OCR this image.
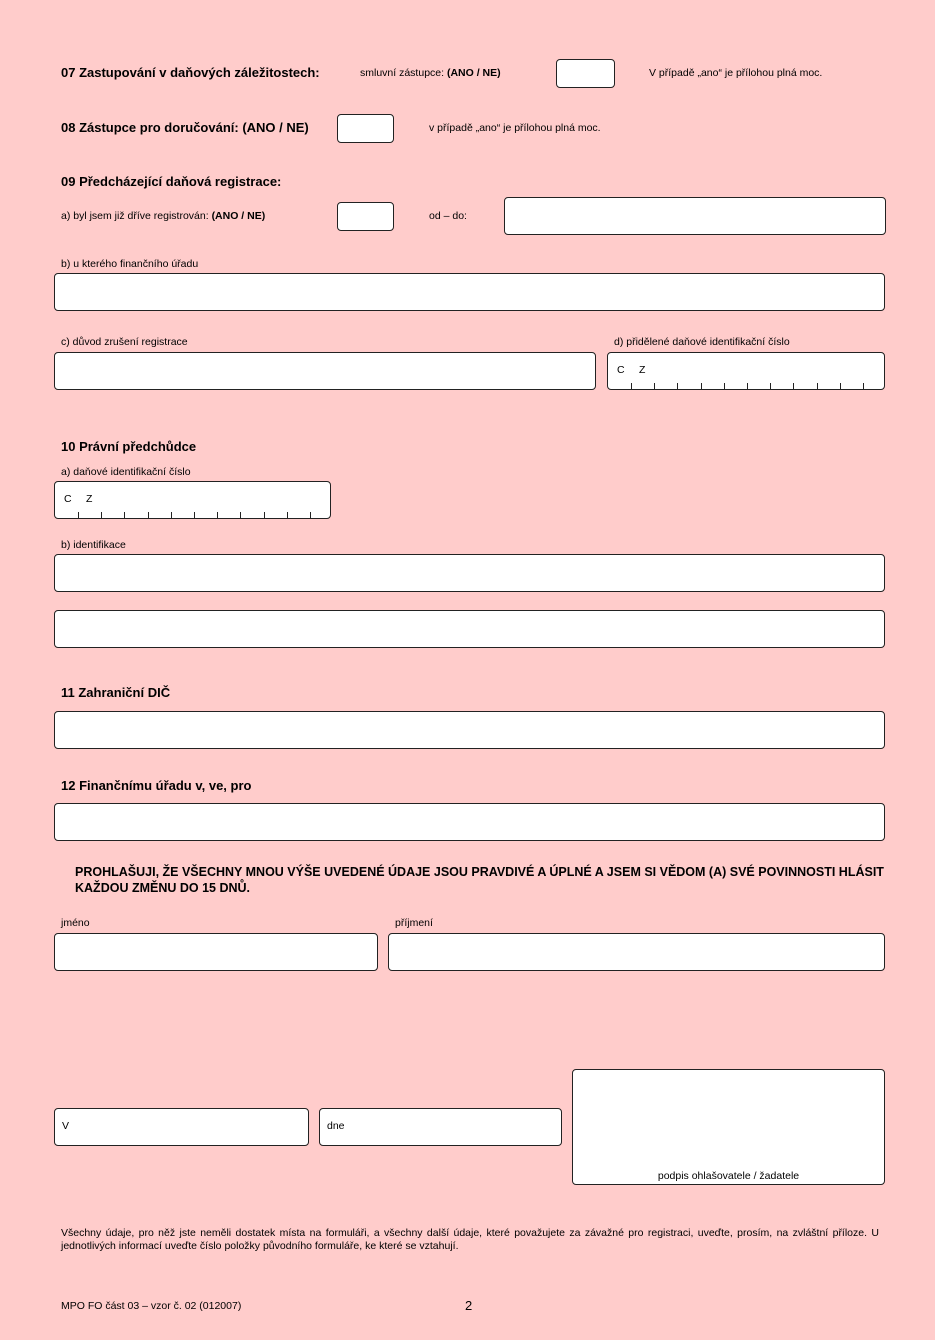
07 Zastupování v daňových záležitostech:	smluvní zástupce: (ANO / NE)	V případě „ano“ je přílohou plná moc.
08 Zástupce pro doručování: (ANO / NE)	v případě „ano“ je přílohou plná moc.
09 Předcházející daňová registrace:
a) byl jsem již dříve registrován: (ANO / NE)	od – do:
b) u kterého finančního úřadu
c) důvod zrušení registrace	d) přidělené daňové identifikační číslo
C Z
10 Právní předchůdce
a) daňové identifikační číslo
C Z
b) identifikace
11 Zahraniční DIČ
12 Finančnímu úřadu v, ve, pro
PROHLAŠUJI, ŽE VŠECHNY MNOU VÝŠE UVEDENÉ ÚDAJE JSOU PRAVDIVÉ A ÚPLNÉ A JSEM SI VĚDOM (A) SVÉ POVINNOSTI HLÁSIT KAŽDOU ZMĚNU DO 15 DNŮ.
jméno	příjmení
V	dne
podpis ohlašovatele / žadatele
Všechny údaje, pro něž jste neměli dostatek místa na formuláři, a všechny další údaje, které považujete za závažné pro registraci, uveďte, prosím, na zvláštní příloze. U jednotlivých informací uveďte číslo položky původního formuláře, ke které se vztahují.
MPO FO část 03 – vzor č. 02 (012007)	2
